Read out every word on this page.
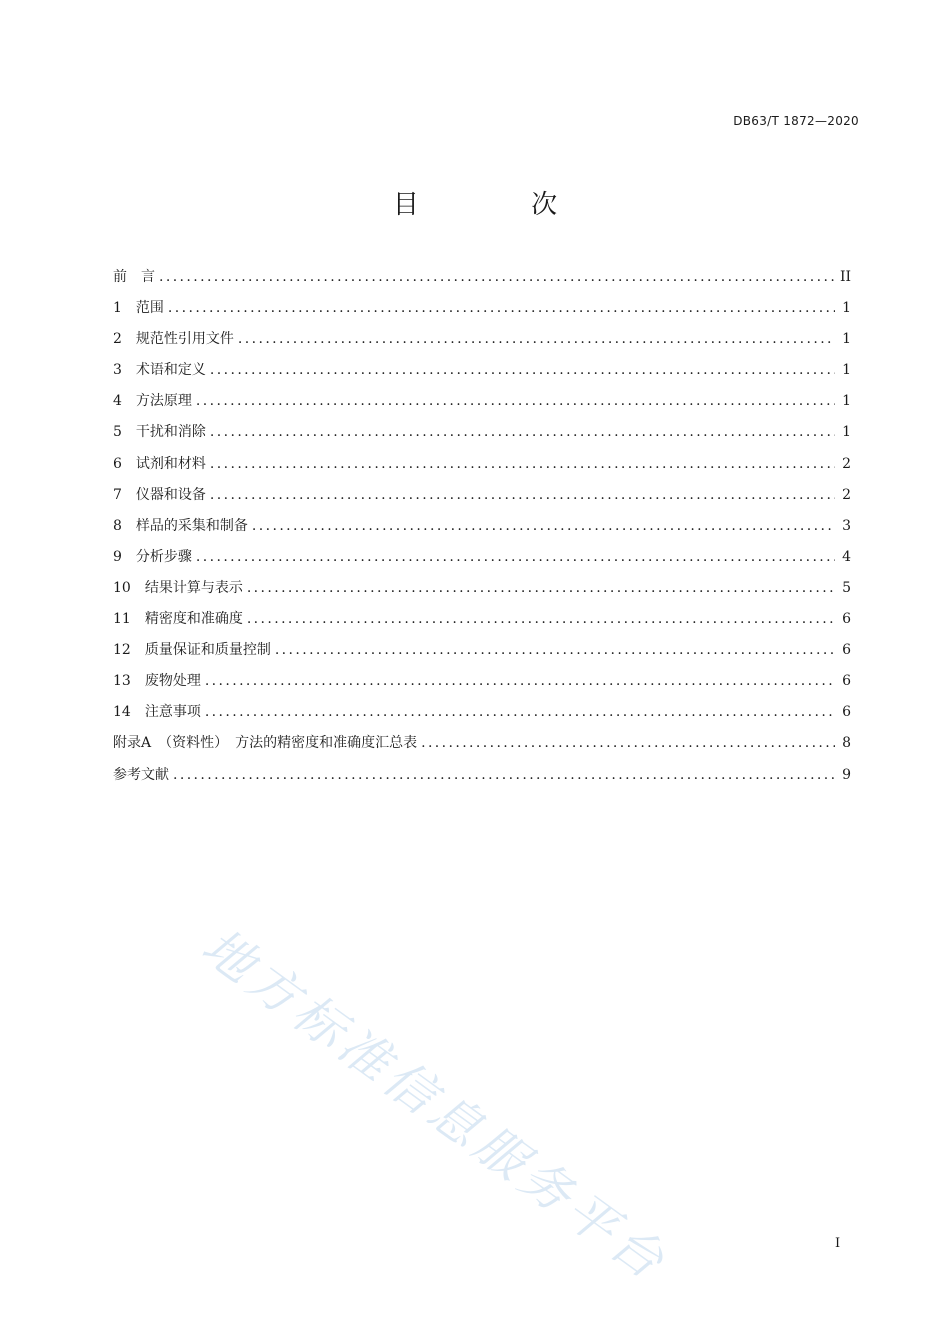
DB63/T 1872—2020
目 次
前　言 .....	II
1	范围 .....	1
2	规范性引用文件 .....	1
3	术语和定义 .....	1
4	方法原理 .....	1
5	干扰和消除 .....	1
6	试剂和材料 .....	2
7	仪器和设备 .....	2
8	样品的采集和制备 .....	3
9	分析步骤 .....	4
10	结果计算与表示 .....	5
11	精密度和准确度 .....	6
12	质量保证和质量控制 .....	6
13	废物处理 .....	6
14	注意事项 .....	6
附录A　（资料性）　方法的精密度和准确度汇总表 .....	8
参考文献 .....	9
地方标准信息服务平台	I
